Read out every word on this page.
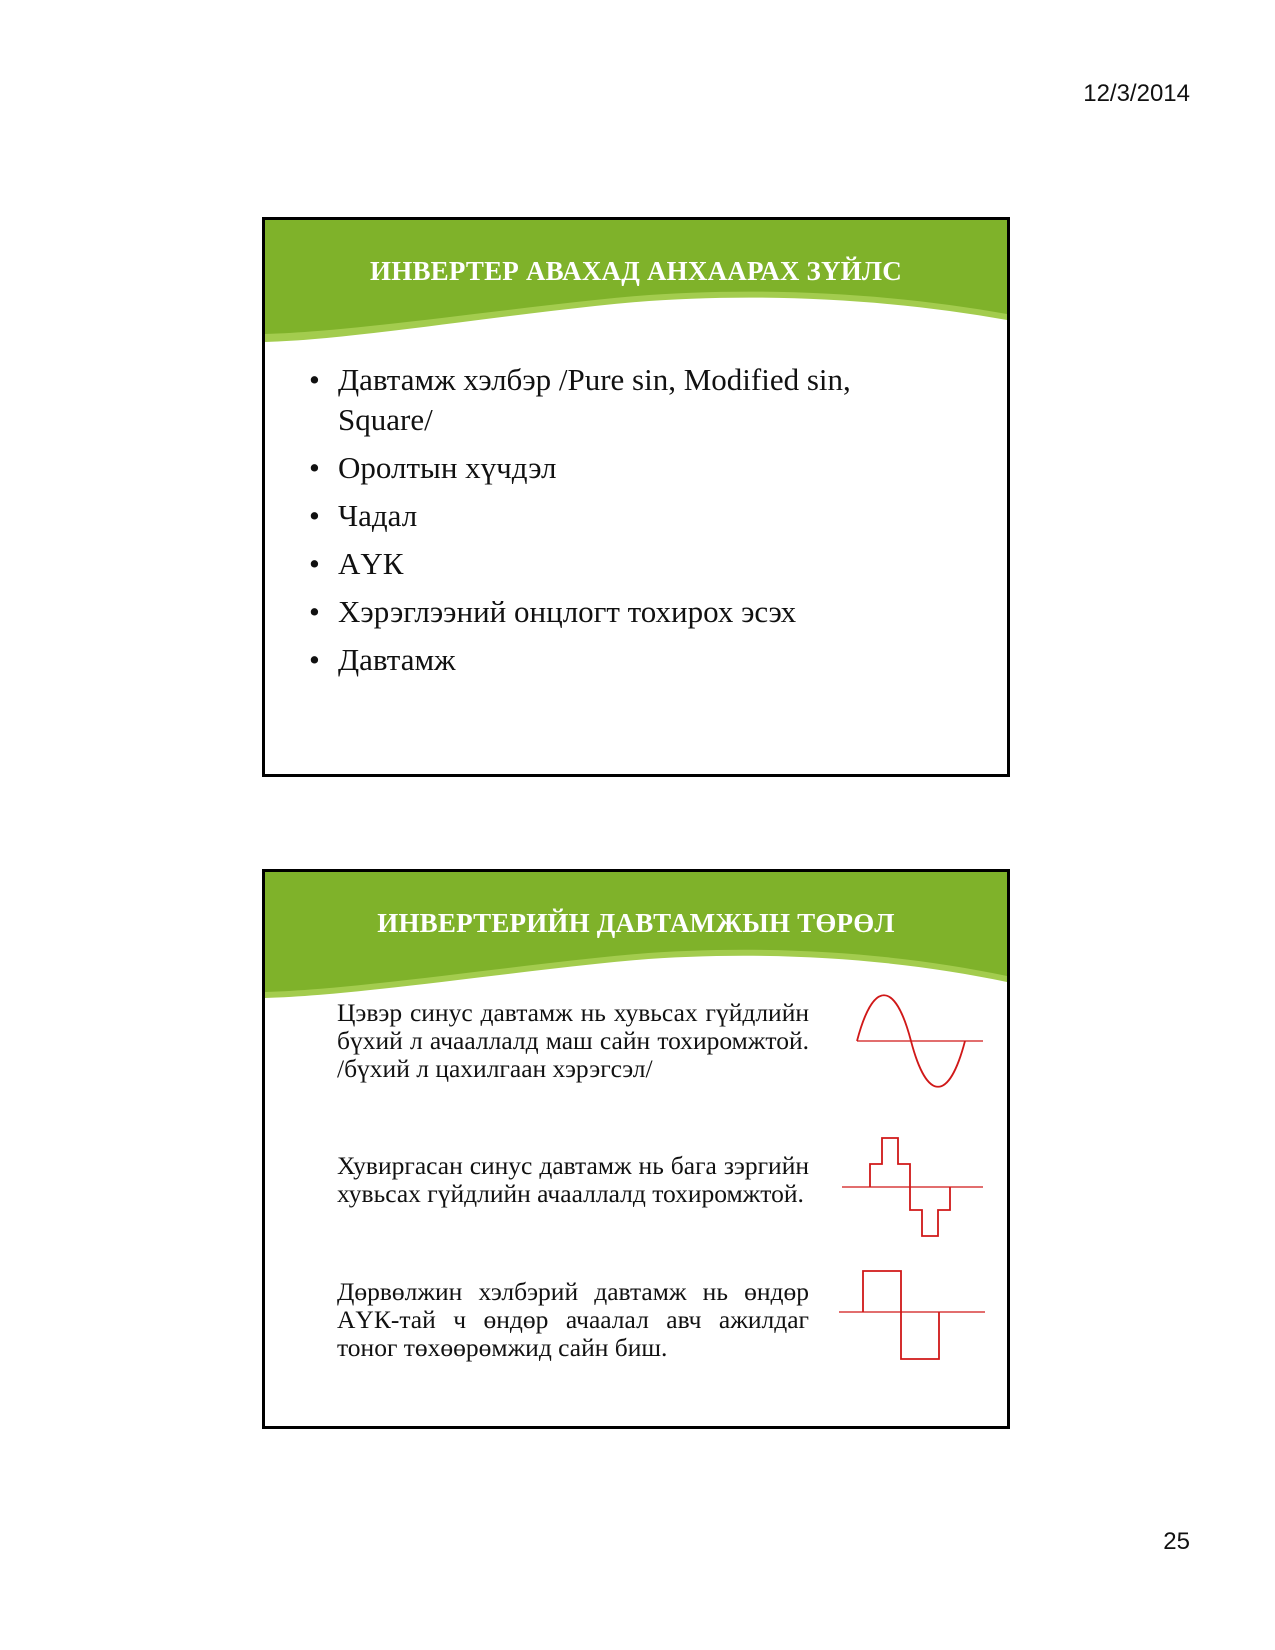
12/3/2014
ИНВЕРТЕР АВАХАД АНХААРАХ ЗҮЙЛС
• Давтамж хэлбэр /Pure sin, Modified sin, Square/
• Оролтын хүчдэл
• Чадал
• АҮК
• Хэрэглээний онцлогт тохирох эсэх
• Давтамж
ИНВЕРТЕРИЙН ДАВТАМЖЫН ТӨРӨЛ
Цэвэр синус давтамж нь хувьсах гүйдлийн бүхий л ачааллалд маш сайн тохиромжтой. /бүхий л цахилгаан хэрэгсэл/
Хувиргасан синус давтамж нь бага зэргийн хувьсах гүйдлийн ачааллалд тохиромжтой.
Дөрвөлжин хэлбэрий давтамж нь өндөр АҮК-тай ч өндөр ачаалал авч ажилдаг тоног төхөөрөмжид сайн биш.
25
